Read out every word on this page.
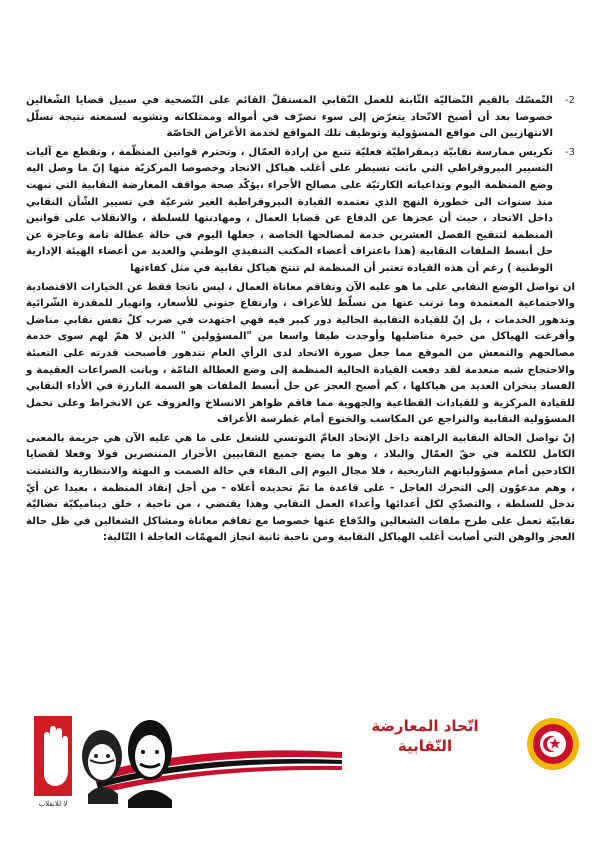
-2
التّمسّك بالقيم النّضاليّة الثّابتة للعمل النّقابي المستقلّ القائم على التّضحية في سبيل قضايا الشّغالين خصوصا بعد أن أصبح الاتّحاد يتعرّض إلى سوء تصرّف في أمواله وممتلكاته وتشويه لسمعته نتيجة تسلّل الانتهازيين الى مواقع المسؤولية وتوظيف تلك المواقع لخدمة الأغراض الخاصّة
-3
تكريس ممارسة نقابيّة ديمقراطيّة فعليّة تنبع من إرادة العمّال ، وتحترم قوانين المنظّمة ، وتقطع مع آليات التسيير البيروقراطي التي باتت تسيطر على أغلب هياكل الاتحاد وخصوصا المركزيّة منها إنّ ما وصل اليه وضع المنظمة اليوم وتداعياته الكارثيّة على مصالح الأجراء ،يؤكّد صحة مواقف المعارضة النقابية التي نبهت منذ سنوات الى خطورة النهج الذي تعتمده القيادة البيروقراطية الغير شرعيّة في تسيير الشّأن النقابي داخل الاتحاد ، حيث أن عجزها عن الدفاع عن قضايا العمال ، ومهادنتها للسلطة ، والانقلاب على قوانين المنظمة لتنقيح الفصل العشرين خدمة لمصالحها الخاصة ، جعلها اليوم في حالة عطالة تامة وعاجزة عن حل أبسط الملفات النقابية (هذا باعتراف أعضاء المكتب التنفيذي الوطني والعديد من أعضاء الهيئة الإدارية الوطنية ) رغم أن هذه القيادة تعتبر أن المنظمة لم تنتج هياكل نقابية في مثل كفاءتها
ان تواصل الوضع النقابي على ما هو عليه الآن وتفاقم معاناة العمال ، ليس ناتجا فقط عن الخيارات الاقتصادية والاجتماعية المعتمدة وما ترتب عنها من تسلّط للأعراف ، وارتفاع جنوني للأسعار، وانهيار للمقدرة الشّرائية وتدهور الخدمات ، بل إنّ للقيادة النقابية الحالية دور كبير فيه فهي اجتهدت في ضرب كلّ نفس نقابي مناضل وأفرغت الهياكل من خيرة مناضليها وأوجدت طيفا واسعا من "المسؤولين " الذين لا همّ لهم سوى خدمة مصالحهم والتمعش من الموقع مما جعل صورة الاتحاد لدى الرأي العام تتدهور فأصبحت قدرته على التعبئة والاحتجاج شبه منعدمة لقد دفعت القيادة الحالية المنظمة إلى وضع العطالة التامّة ، وباتت الصراعات العقيمة و الفساد ينخران العديد من هياكلها ، كم أصبح العجز عن حل أبسط الملفات هو السمة البارزة في الأداء النقابي للقيادة المركزية و للقيادات القطاعية والجهوية مما فاقم ظواهر الانسلاخ والعزوف عن الانخراط وعلى تحمل المسؤولية النقابية والتراجع عن المكاسب والخنوع أمام غطرسة الأعراف
إنّ تواصل الحالة النقابية الراهنة داخل الإتحاد العامّ التونسي للشغل على ما هي عليه الآن هي جريمة بالمعنى الكامل للكلمة في حقّ العمّال والبلاد ، وهو ما يضع جميع النقابيين الأحرار المنتصرين قولا وفعلا لقضايا الكادحين أمام مسؤولياتهم التاريخية ، فلا مجال اليوم إلى البقاء في حالة الصمت و البهتة والانتظارية والتشتت ، وهم مدعوّون إلى التحرك العاجل - على قاعدة ما تمّ تحديده أعلاه - من أجل إنقاذ المنظمة ، بعيدا عن أيّ تدخل للسلطة ، والتصدّي لكل أعدائها وأعداء العمل النقابي وهذا يقتضي ، من ناحية ، خلق ديناميكيّة نضاليّة نقابيّة تعمل على طرح ملفات الشغالين والدّفاع عنها خصوصا مع تفاقم معاناة ومشاكل الشغالين في ظل حالة العجز والوهن التي أصابت أغلب الهياكل النقابية ومن ناحية ثانية انجاز المهمّات العاجلة ا التّالية:
لا للانقلاب
اتّحاد المعارضة
النّقابية
